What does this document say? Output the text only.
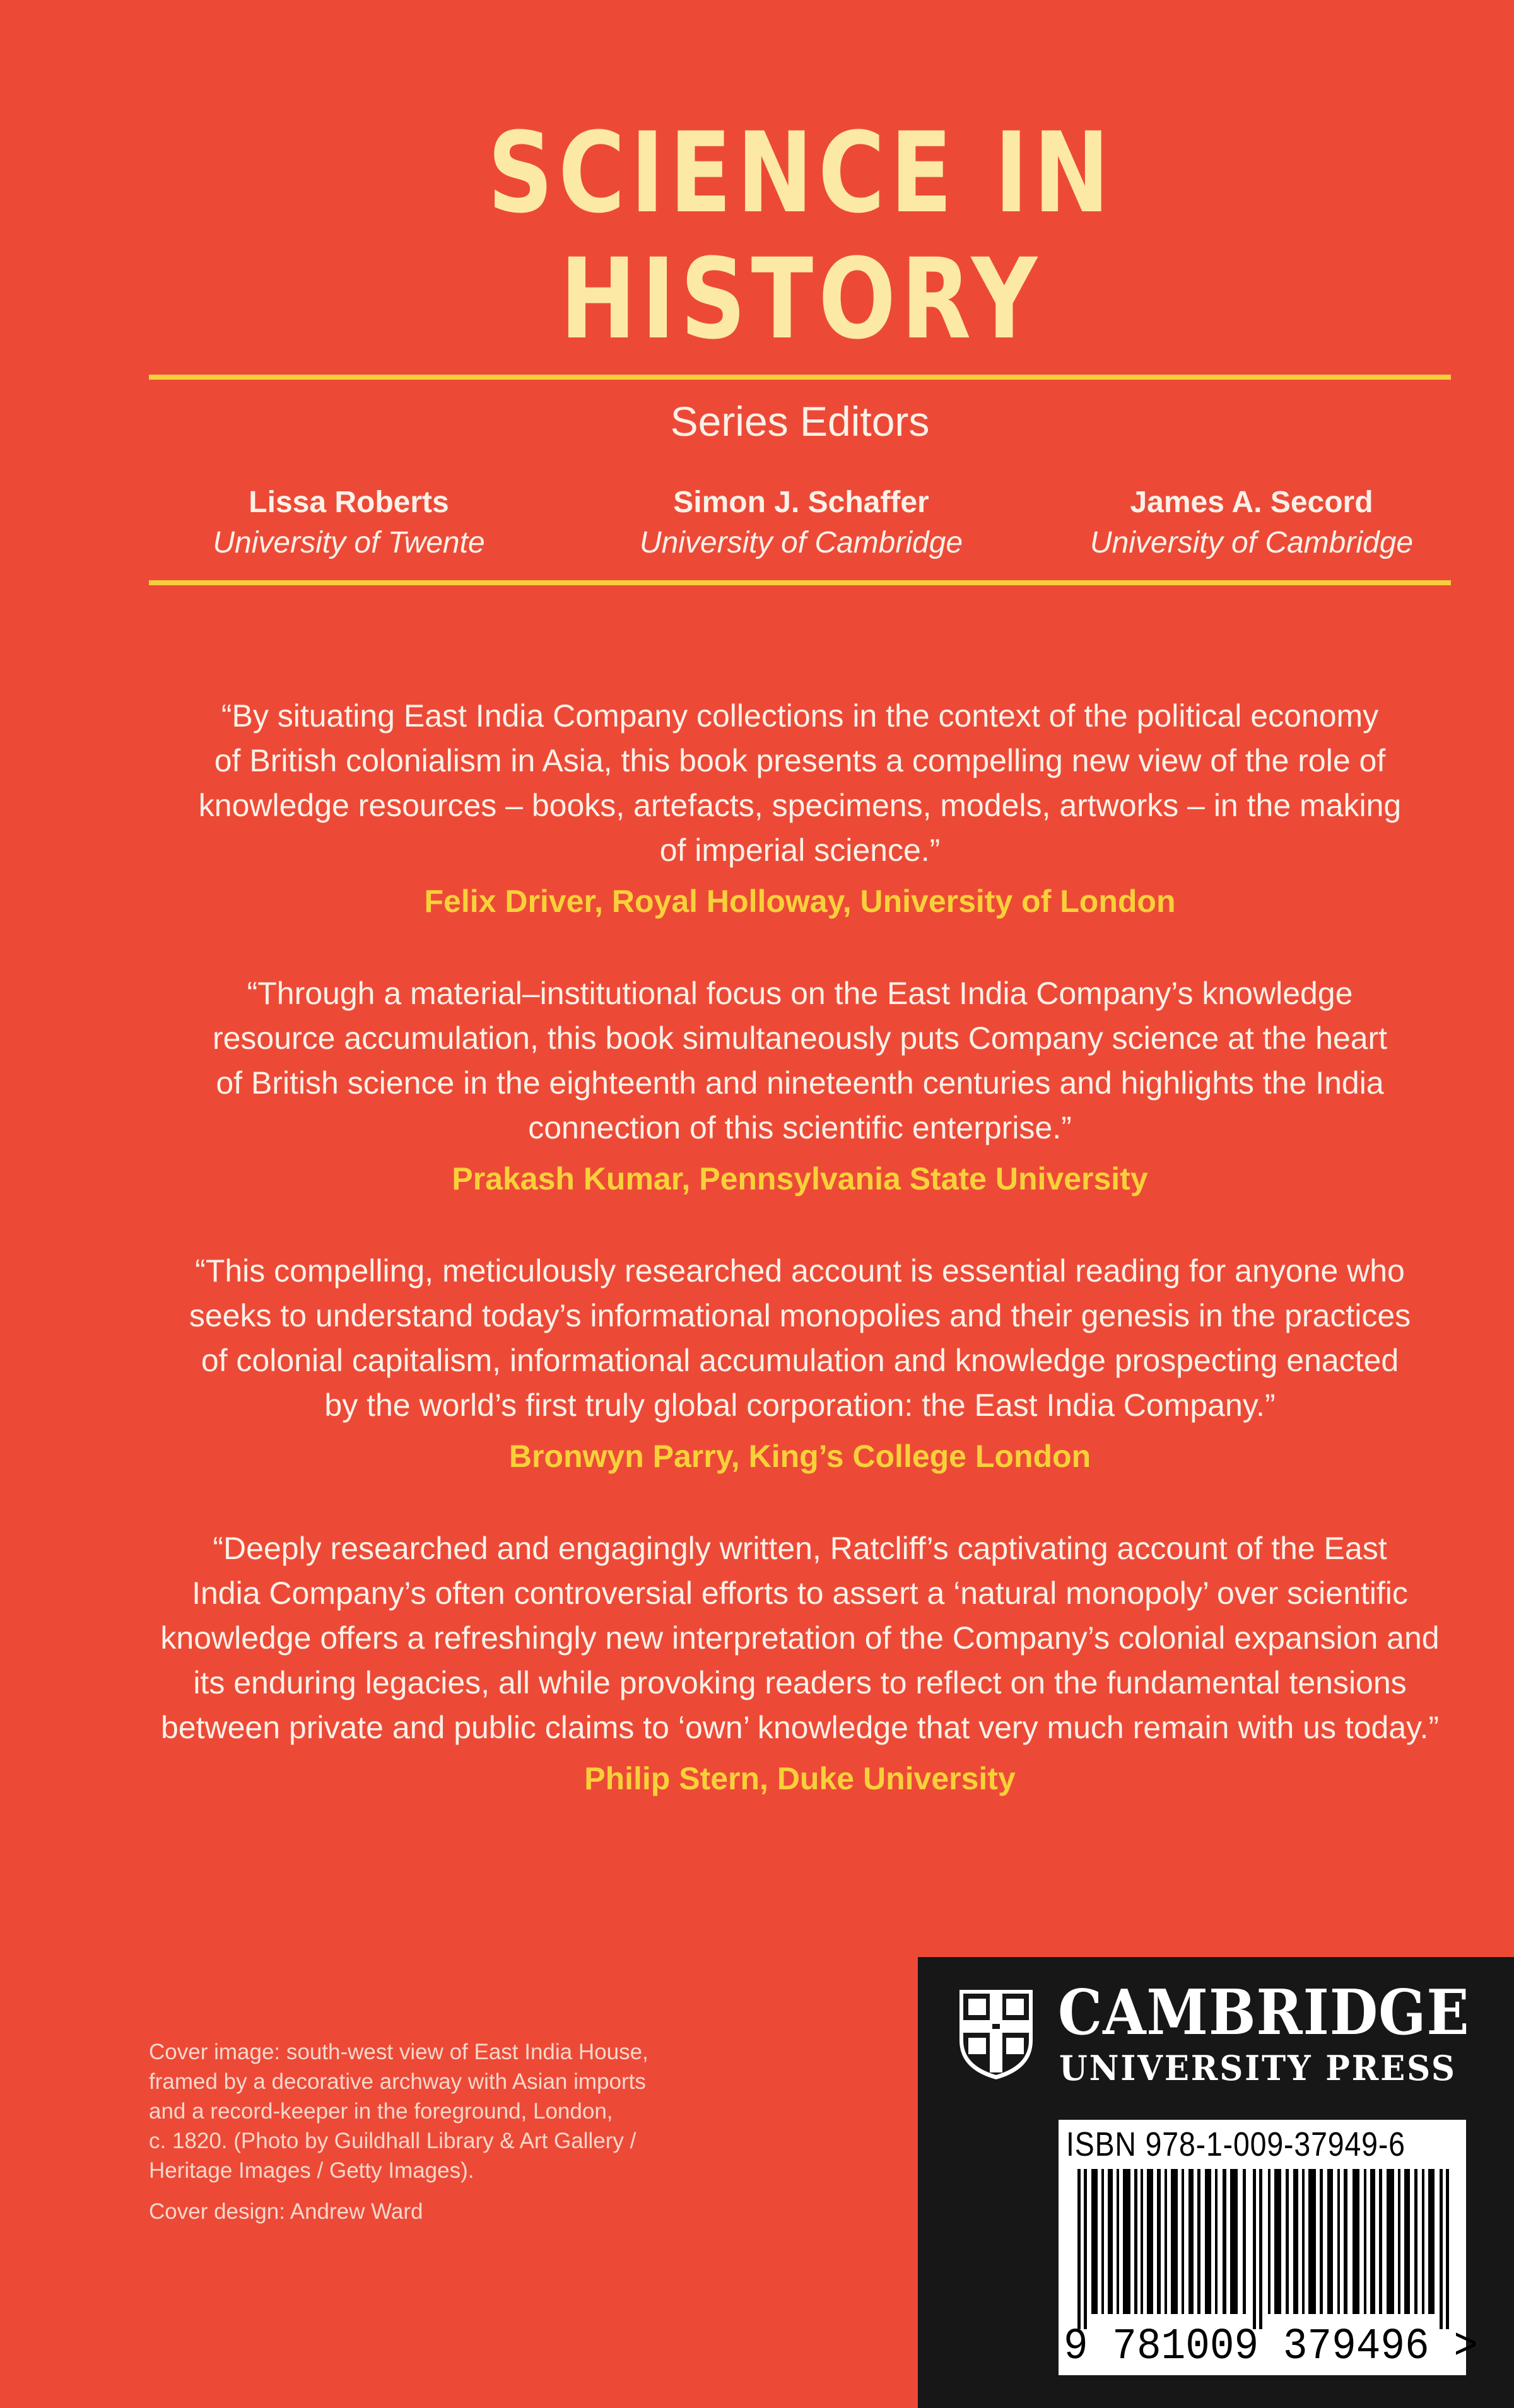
SCIENCE IN
HISTORY
Series Editors
Lissa Roberts
University of Twente
Simon J. Schaffer
University of Cambridge
James A. Secord
University of Cambridge
“By situating East India Company collections in the context of the political economy
of British colonialism in Asia, this book presents a compelling new view of the role of
knowledge resources – books, artefacts, specimens, models, artworks – in the making
of imperial science.”
Felix Driver, Royal Holloway, University of London
“Through a material–institutional focus on the East India Company’s knowledge
resource accumulation, this book simultaneously puts Company science at the heart
of British science in the eighteenth and nineteenth centuries and highlights the India
connection of this scientific enterprise.”
Prakash Kumar, Pennsylvania State University
“This compelling, meticulously researched account is essential reading for anyone who
seeks to understand today’s informational monopolies and their genesis in the practices
of colonial capitalism, informational accumulation and knowledge prospecting enacted
by the world’s first truly global corporation: the East India Company.”
Bronwyn Parry, King’s College London
“Deeply researched and engagingly written, Ratcliff’s captivating account of the East
India Company’s often controversial efforts to assert a ‘natural monopoly’ over scientific
knowledge offers a refreshingly new interpretation of the Company’s colonial expansion and
its enduring legacies, all while provoking readers to reflect on the fundamental tensions
between private and public claims to ‘own’ knowledge that very much remain with us today.”
Philip Stern, Duke University
Cover image: south-west view of East India House,
framed by a decorative archway with Asian imports
and a record-keeper in the foreground, London,
c. 1820. (Photo by Guildhall Library & Art Gallery /
Heritage Images / Getty Images).
Cover design: Andrew Ward
CAMBRIDGE
UNIVERSITY PRESS
ISBN 978-1-009-37949-6
9 781009 379496 >
